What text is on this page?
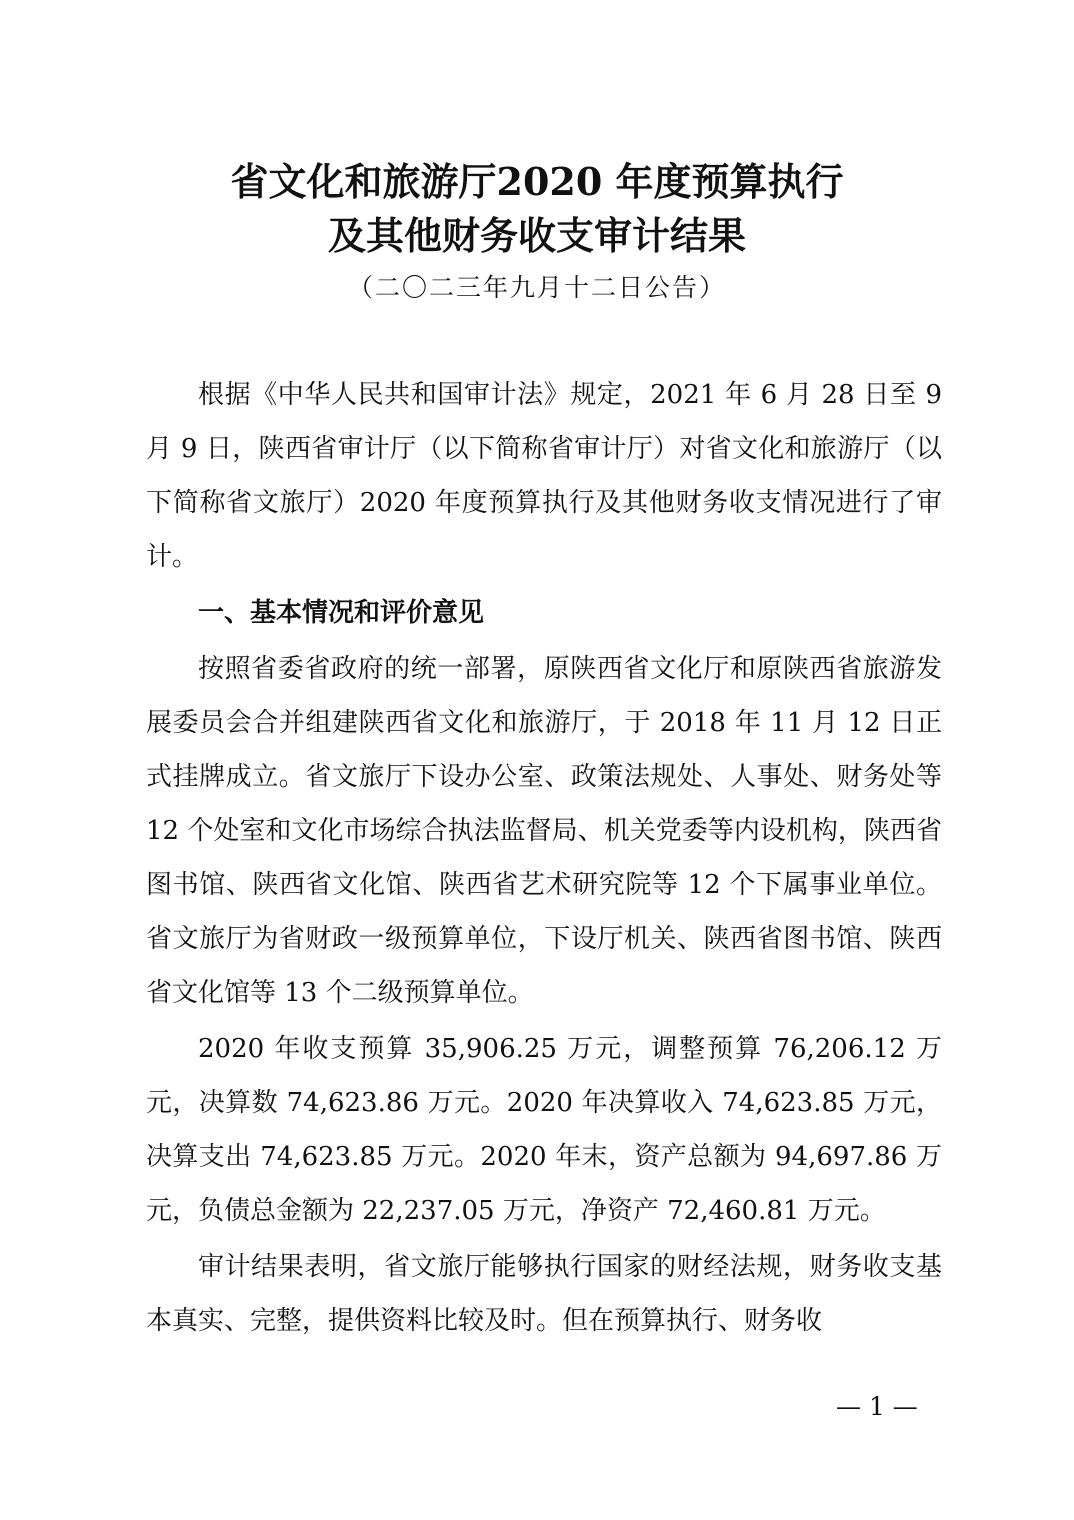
省文化和旅游厅2020 年度预算执行
及其他财务收支审计结果
（二〇二三年九月十二日公告）

根据《中华人民共和国审计法》规定，2021 年 6 月 28 日至 9 月 9 日，陕西省审计厅（以下简称省审计厅）对省文化和旅游厅（以下简称省文旅厅）2020 年度预算执行及其他财务收支情况进行了审计。

一、基本情况和评价意见

按照省委省政府的统一部署，原陕西省文化厅和原陕西省旅游发展委员会合并组建陕西省文化和旅游厅，于 2018 年 11 月 12 日正式挂牌成立。省文旅厅下设办公室、政策法规处、人事处、财务处等 12 个处室和文化市场综合执法监督局、机关党委等内设机构，陕西省图书馆、陕西省文化馆、陕西省艺术研究院等 12 个下属事业单位。省文旅厅为省财政一级预算单位，下设厅机关、陕西省图书馆、陕西省文化馆等 13 个二级预算单位。

2020 年收支预算 35,906.25 万元，调整预算 76,206.12 万元，决算数 74,623.86 万元。2020 年决算收入 74,623.85 万元，决算支出 74,623.85 万元。2020 年末，资产总额为 94,697.86 万元，负债总金额为 22,237.05 万元，净资产 72,460.81 万元。

审计结果表明，省文旅厅能够执行国家的财经法规，财务收支基本真实、完整，提供资料比较及时。但在预算执行、财务收

— 1 —
